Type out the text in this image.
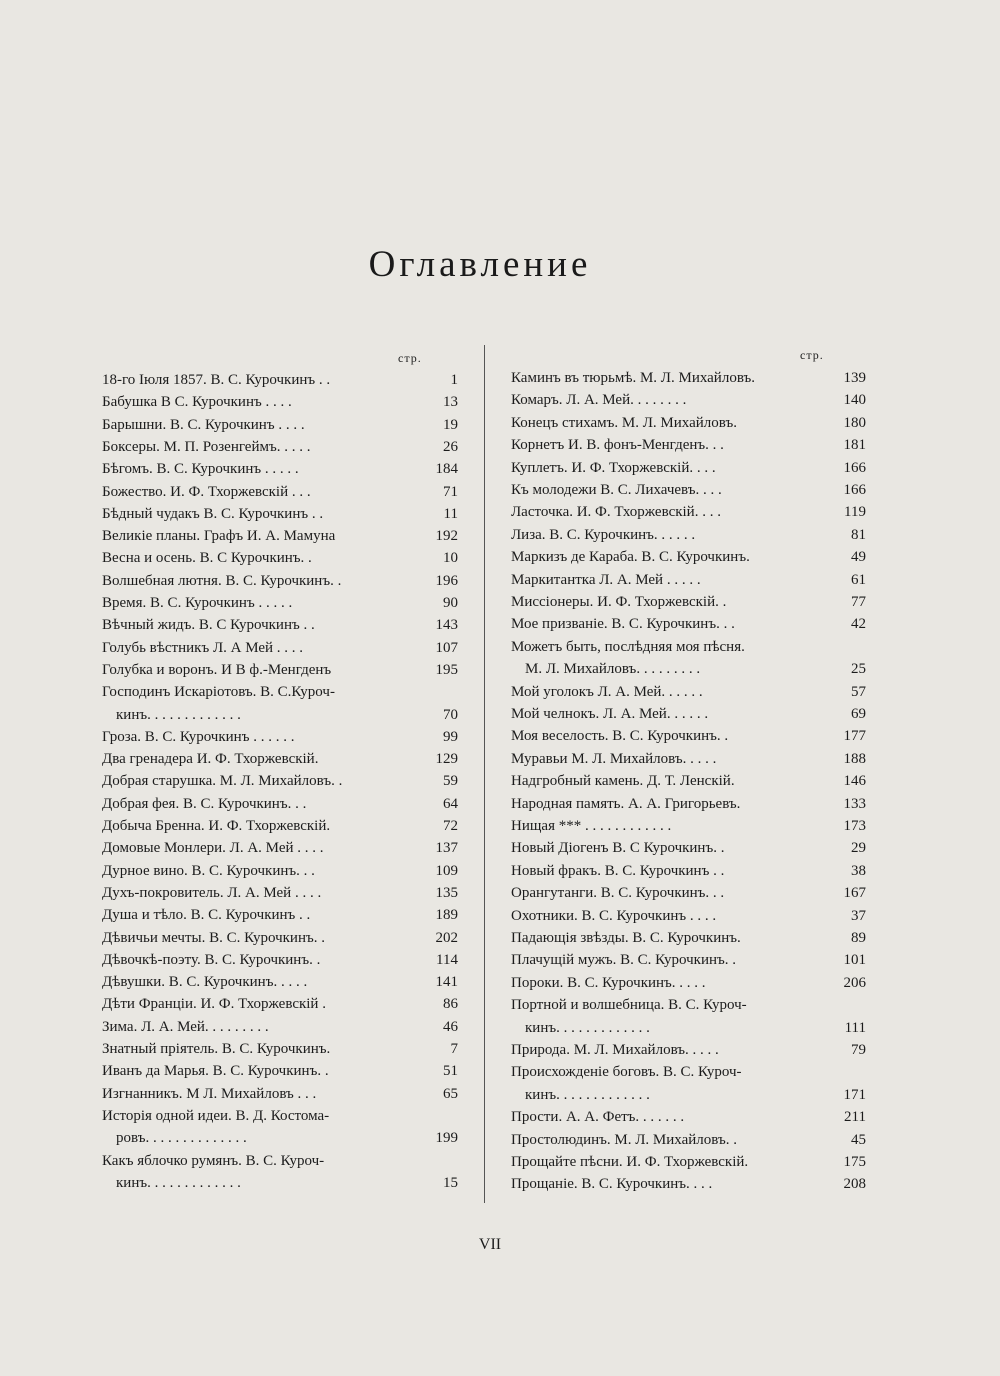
Оглавление
стр.	стр.
18-го Іюля 1857. В. С. Курочкинъ . .	1
Бабушка В С. Курочкинъ . . . .	13
Барышни. В. С. Курочкинъ . . . .	19
Боксеры. М. П. Розенгеймъ. . . . .	26
Бѣгомъ. В. С. Курочкинъ . . . . .	184
Божество. И. Ф. Тхоржевскій . . .	71
Бѣдный чудакъ В. С. Курочкинъ . .	11
Великіе планы. Графъ И. А. Мамуна	192
Весна и осень. В. С Курочкинъ. .	10
Волшебная лютня. В. С. Курочкинъ. .	196
Время. В. С. Курочкинъ . . . . .	90
Вѣчный жидъ. В. С Курочкинъ . .	143
Голубь вѣстникъ Л. А Мей . . . .	107
Голубка и воронъ. И В ф.-Менгденъ	195
Господинъ Искаріотовъ. В. С.Куроч-
кинъ. . . . . . . . . . . . .	70
Гроза. В. С. Курочкинъ . . . . . .	99
Два гренадера И. Ф. Тхоржевскій.	129
Добрая старушка. М. Л. Михайловъ. .	59
Добрая фея. В. С. Курочкинъ. . .	64
Добыча Бренна. И. Ф. Тхоржевскій.	72
Домовые Монлери. Л. А. Мей . . . .	137
Дурное вино. В. С. Курочкинъ. . .	109
Духъ-покровитель. Л. А. Мей . . . .	135
Душа и тѣло. В. С. Курочкинъ . .	189
Дѣвичьи мечты. В. С. Курочкинъ. .	202
Дѣвочкѣ-поэту. В. С. Курочкинъ. .	114
Дѣвушки. В. С. Курочкинъ. . . . .	141
Дѣти Франціи. И. Ф. Тхоржевскій .	86
Зима. Л. А. Мей. . . . . . . . .	46
Знатный пріятель. В. С. Курочкинъ.	7
Иванъ да Марья. В. С. Курочкинъ. .	51
Изгнанникъ. М Л. Михайловъ . . .	65
Исторія одной идеи. В. Д. Костома-
ровъ. . . . . . . . . . . . . .	199
Какъ яблочко румянъ. В. С. Куроч-
кинъ. . . . . . . . . . . . .	15
Каминъ въ тюрьмѣ. М. Л. Михайловъ.	139
Комаръ. Л. А. Мей. . . . . . . .	140
Конецъ стихамъ. М. Л. Михайловъ.	180
Корнетъ И. В. фонъ-Менгденъ. . .	181
Куплетъ. И. Ф. Тхоржевскій. . . .	166
Къ молодежи В. С. Лихачевъ. . . .	166
Ласточка. И. Ф. Тхоржевскій. . . .	119
Лиза. В. С. Курочкинъ. . . . . .	81
Маркизъ де Караба. В. С. Курочкинъ.	49
Маркитантка Л. А. Мей . . . . .	61
Миссіонеры. И. Ф. Тхоржевскій. .	77
Мое призваніе. В. С. Курочкинъ. . .	42
Можетъ быть, послѣдняя моя пѣсня.
М. Л. Михайловъ. . . . . . . . .	25
Мой уголокъ Л. А. Мей. . . . . .	57
Мой челнокъ. Л. А. Мей. . . . . .	69
Моя веселость. В. С. Курочкинъ. .	177
Муравьи М. Л. Михайловъ. . . . .	188
Надгробный камень. Д. Т. Ленскій.	146
Народная память. А. А. Григорьевъ.	133
Нищая *** . . . . . . . . . . . .	173
Новый Діогенъ В. С Курочкинъ. .	29
Новый фракъ. В. С. Курочкинъ . .	38
Орангутанги. В. С. Курочкинъ. . .	167
Охотники. В. С. Курочкинъ . . . .	37
Падающія звѣзды. В. С. Курочкинъ.	89
Плачущій мужъ. В. С. Курочкинъ. .	101
Пороки. В. С. Курочкинъ. . . . .	206
Портной и волшебница. В. С. Куроч-
кинъ. . . . . . . . . . . . .	111
Природа. М. Л. Михайловъ. . . . .	79
Происхожденіе боговъ. В. С. Куроч-
кинъ. . . . . . . . . . . . .	171
Прости. А. А. Фетъ. . . . . . .	211
Простолюдинъ. М. Л. Михайловъ. .	45
Прощайте пѣсни. И. Ф. Тхоржевскій.	175
Прощаніе. В. С. Курочкинъ. . . .	208
VII
